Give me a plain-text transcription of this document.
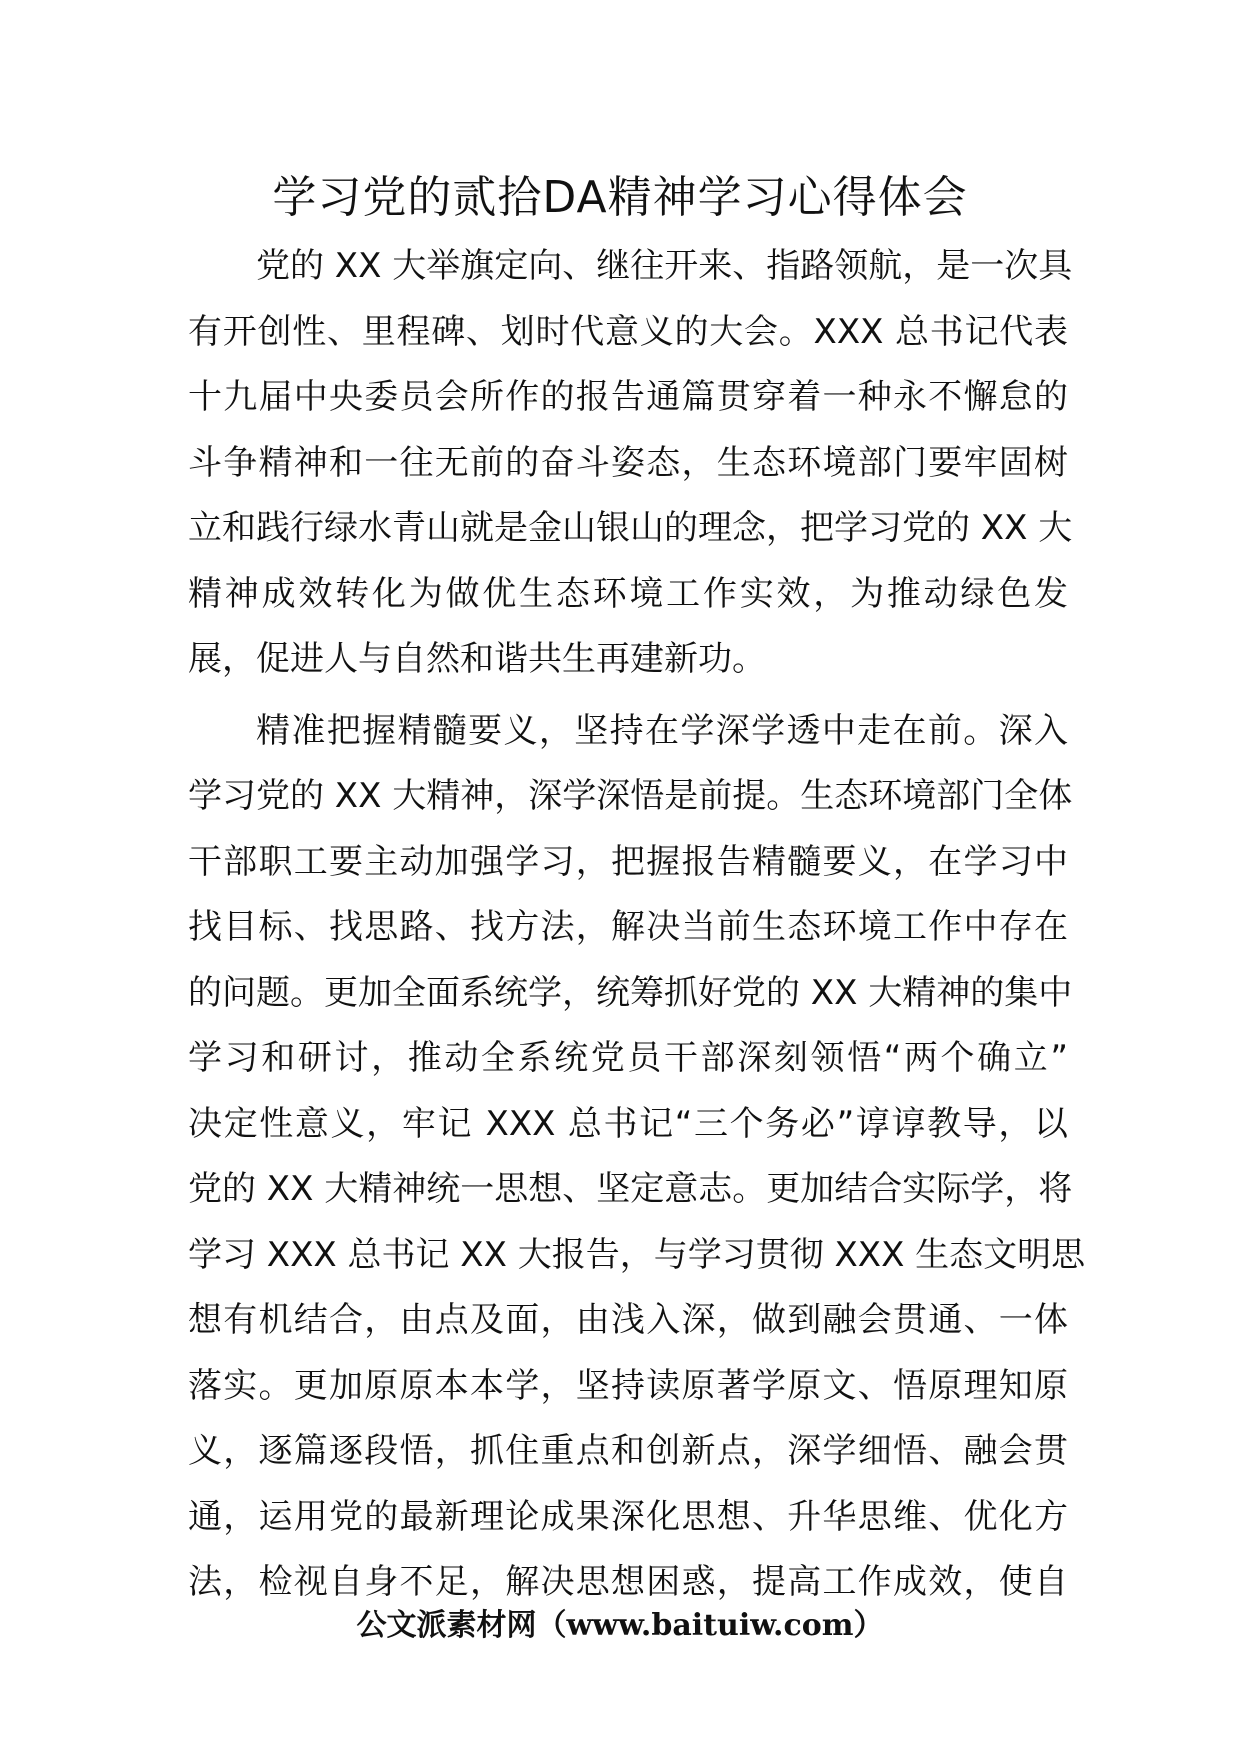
学习党的贰拾DA精神学习心得体会
党的 XX 大举旗定向、继往开来、指路领航，是一次具
有开创性、里程碑、划时代意义的大会。XXX 总书记代表
十九届中央委员会所作的报告通篇贯穿着一种永不懈怠的
斗争精神和一往无前的奋斗姿态，生态环境部门要牢固树
立和践行绿水青山就是金山银山的理念，把学习党的 XX 大
精神成效转化为做优生态环境工作实效，为推动绿色发
展，促进人与自然和谐共生再建新功。
精准把握精髓要义，坚持在学深学透中走在前。深入
学习党的 XX 大精神，深学深悟是前提。生态环境部门全体
干部职工要主动加强学习，把握报告精髓要义，在学习中
找目标、找思路、找方法，解决当前生态环境工作中存在
的问题。更加全面系统学，统筹抓好党的 XX 大精神的集中
学习和研讨，推动全系统党员干部深刻领悟“两个确立”
决定性意义，牢记 XXX 总书记“三个务必”谆谆教导，以
党的 XX 大精神统一思想、坚定意志。更加结合实际学，将
学习 XXX 总书记 XX 大报告，与学习贯彻 XXX 生态文明思
想有机结合，由点及面，由浅入深，做到融会贯通、一体
落实。更加原原本本学，坚持读原著学原文、悟原理知原
义，逐篇逐段悟，抓住重点和创新点，深学细悟、融会贯
通，运用党的最新理论成果深化思想、升华思维、优化方
法，检视自身不足，解决思想困惑，提高工作成效，使自
公文派素材网（www.baituiw.com）
